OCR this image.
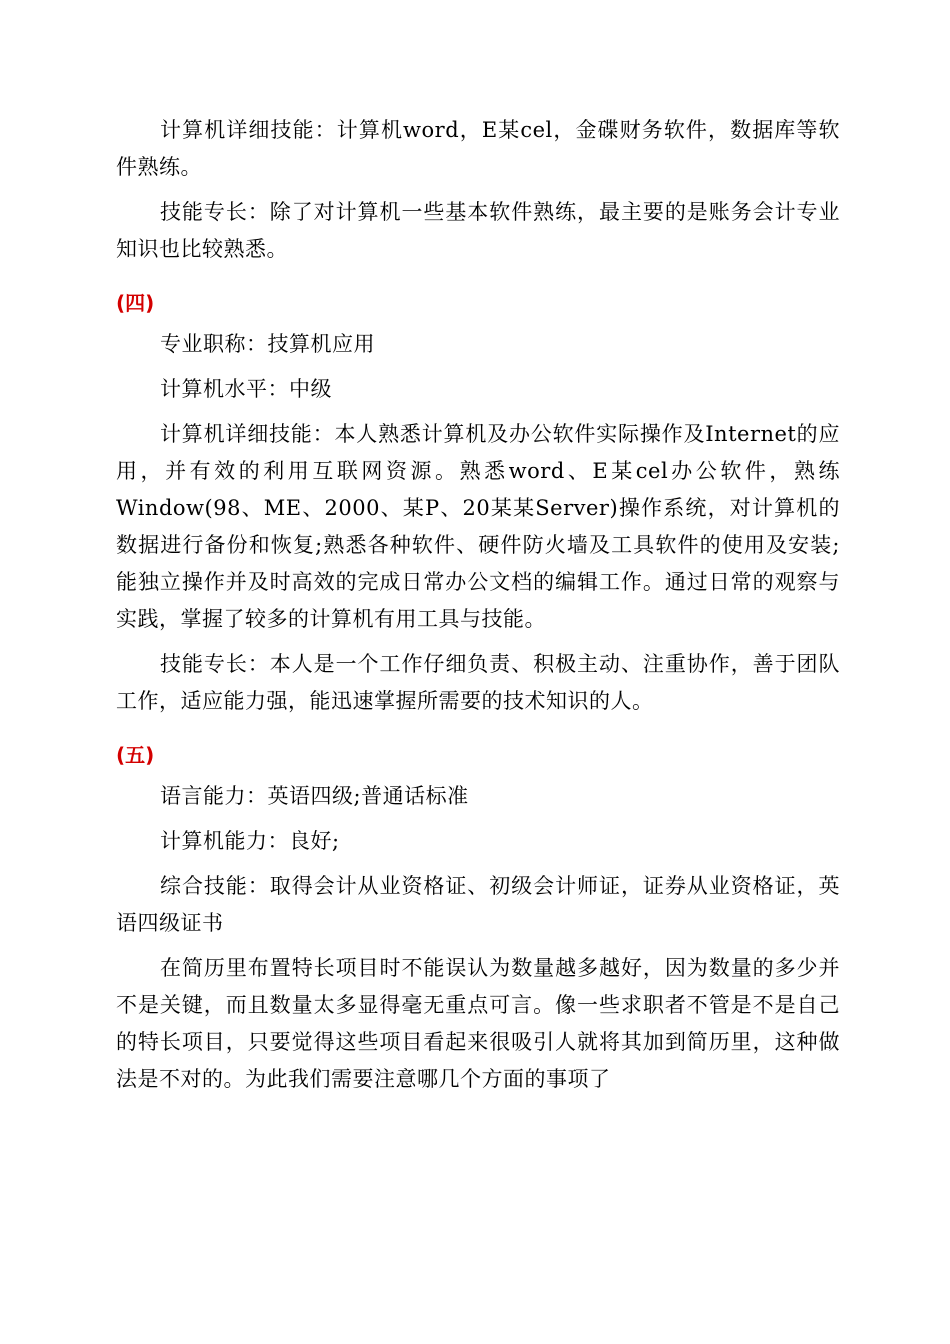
计算机详细技能：计算机word，E某cel，金碟财务软件，数据库等软件熟练。

技能专长：除了对计算机一些基本软件熟练，最主要的是账务会计专业知识也比较熟悉。

(四)

专业职称：技算机应用

计算机水平：中级

计算机详细技能：本人熟悉计算机及办公软件实际操作及Internet的应用，并有效的利用互联网资源。熟悉word、E某cel办公软件，熟练Window(98、ME、2000、某P、20某某Server)操作系统，对计算机的数据进行备份和恢复;熟悉各种软件、硬件防火墙及工具软件的使用及安装;能独立操作并及时高效的完成日常办公文档的编辑工作。通过日常的观察与实践，掌握了较多的计算机有用工具与技能。

技能专长：本人是一个工作仔细负责、积极主动、注重协作，善于团队工作，适应能力强，能迅速掌握所需要的技术知识的人。

(五)

语言能力：英语四级;普通话标准

计算机能力：良好;

综合技能：取得会计从业资格证、初级会计师证，证券从业资格证，英语四级证书

在简历里布置特长项目时不能误认为数量越多越好，因为数量的多少并不是关键，而且数量太多显得毫无重点可言。像一些求职者不管是不是自己的特长项目，只要觉得这些项目看起来很吸引人就将其加到简历里，这种做法是不对的。为此我们需要注意哪几个方面的事项了
